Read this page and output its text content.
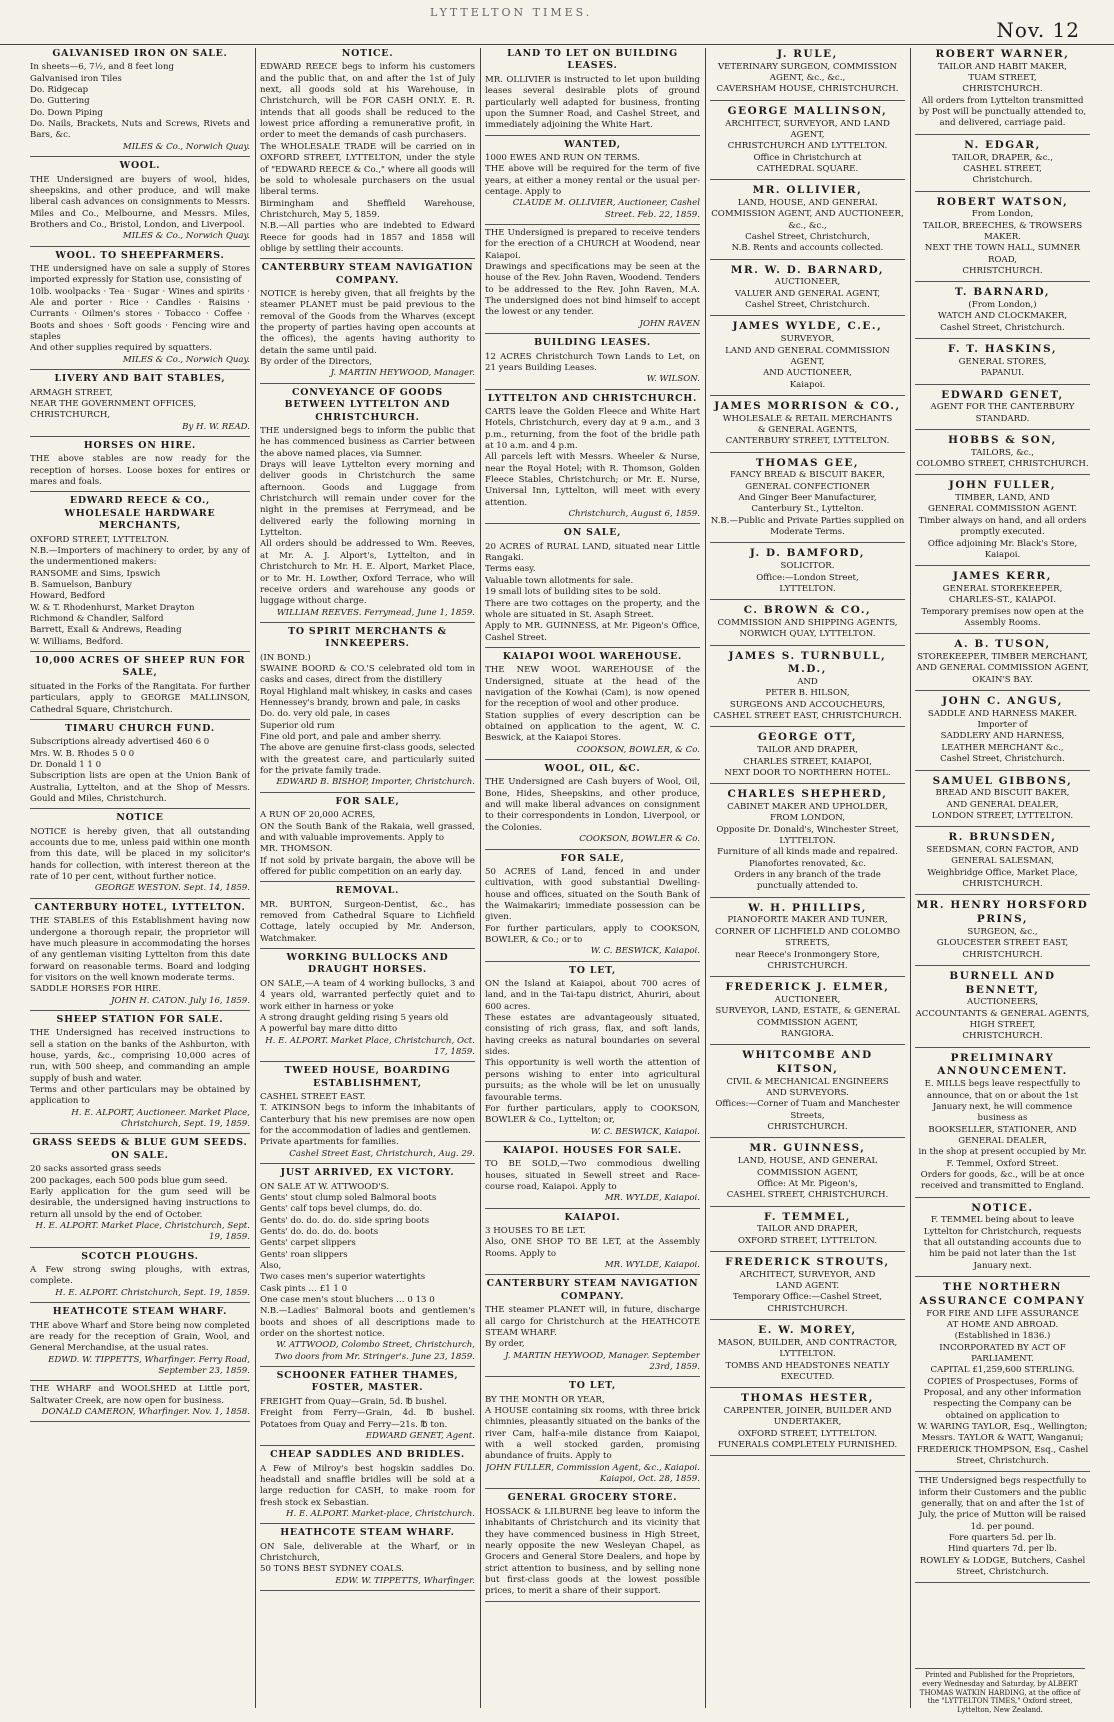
LYTTELTON TIMES.
Nov. 12
GALVANISED IRON ON SALE.

In sheets—6, 7½, and 8 feet long

Galvanised iron Tiles

Do. Ridgecap

Do. Guttering

Do. Down Piping

Do. Nails, Brackets, Nuts and Screws, Rivets and Bars, &c.

MILES & Co., Norwich Quay.

WOOL.

THE Undersigned are buyers of wool, hides, sheepskins, and other produce, and will make liberal cash advances on consignments to Messrs. Miles and Co., Melbourne, and Messrs. Miles, Brothers and Co., Bristol, London, and Liverpool.

MILES & Co., Norwich Quay.

WOOL. TO SHEEPFARMERS.

THE undersigned have on sale a supply of Stores imported expressly for Station use, consisting of

10lb. woolpacks · Tea · Sugar · Wines and spirits · Ale and porter · Rice · Candles · Raisins · Currants · Oilmen's stores · Tobacco · Coffee · Boots and shoes · Soft goods · Fencing wire and staples

And other supplies required by squatters.

MILES & Co., Norwich Quay.

LIVERY AND BAIT STABLES,

ARMAGH STREET,

NEAR THE GOVERNMENT OFFICES,

CHRISTCHURCH,

By H. W. READ.

HORSES ON HIRE.

THE above stables are now ready for the reception of horses. Loose boxes for entires or mares and foals.

EDWARD REECE & CO., WHOLESALE HARDWARE MERCHANTS,

OXFORD STREET, LYTTELTON.

N.B.—Importers of machinery to order, by any of the undermentioned makers:

RANSOME and Sims, Ipswich

B. Samuelson, Banbury

Howard, Bedford

W. & T. Rhodenhurst, Market Drayton

Richmond & Chandler, Salford

Barrett, Exall & Andrews, Reading

W. Williams, Bedford.

10,000 ACRES OF SHEEP RUN FOR SALE,

situated in the Forks of the Rangitata. For further particulars, apply to GEORGE MALLINSON, Cathedral Square, Christchurch.

TIMARU CHURCH FUND.

Subscriptions already advertised 460 6 0

Mrs. W. B. Rhodes 5 0 0

Dr. Donald 1 1 0

Subscription lists are open at the Union Bank of Australia, Lyttelton, and at the Shop of Messrs. Gould and Miles, Christchurch.

NOTICE

NOTICE is hereby given, that all outstanding accounts due to me, unless paid within one month from this date, will be placed in my solicitor's hands for collection, with interest thereon at the rate of 10 per cent, without further notice.

GEORGE WESTON. Sept. 14, 1859.

CANTERBURY HOTEL, LYTTELTON.

THE STABLES of this Establishment having now undergone a thorough repair, the proprietor will have much pleasure in accommodating the horses of any gentleman visiting Lyttelton from this date forward on reasonable terms. Board and lodging for visitors on the well known moderate terms.

SADDLE HORSES FOR HIRE.

JOHN H. CATON. July 16, 1859.

SHEEP STATION FOR SALE.

THE Undersigned has received instructions to sell a station on the banks of the Ashburton, with house, yards, &c., comprising 10,000 acres of run, with 500 sheep, and commanding an ample supply of bush and water.

Terms and other particulars may be obtained by application to

H. E. ALPORT, Auctioneer. Market Place, Christchurch, Sept. 19, 1859.

GRASS SEEDS & BLUE GUM SEEDS. ON SALE.

20 sacks assorted grass seeds

200 packages, each 500 pods blue gum seed.

Early application for the gum seed will be desirable, the undersigned having instructions to return all unsold by the end of October.

H. E. ALPORT. Market Place, Christchurch, Sept. 19, 1859.

SCOTCH PLOUGHS.

A Few strong swing ploughs, with extras, complete.

H. E. ALPORT. Christchurch, Sept. 19, 1859.

HEATHCOTE STEAM WHARF.

THE above Wharf and Store being now completed are ready for the reception of Grain, Wool, and General Merchandise, at the usual rates.

EDWD. W. TIPPETTS, Wharfinger. Ferry Road, September 23, 1859.

THE WHARF and WOOLSHED at Little port, Saltwater Creek, are now open for business.

DONALD CAMERON, Wharfinger. Nov. 1, 1858.

NOTICE.

EDWARD REECE begs to inform his customers and the public that, on and after the 1st of July next, all goods sold at his Warehouse, in Christchurch, will be FOR CASH ONLY. E. R. intends that all goods shall be reduced to the lowest price affording a remunerative profit, in order to meet the demands of cash purchasers.

The WHOLESALE TRADE will be carried on in OXFORD STREET, LYTTELTON, under the style of "EDWARD REECE & Co.," where all goods will be sold to wholesale purchasers on the usual liberal terms.

Birmingham and Sheffield Warehouse, Christchurch, May 5, 1859.

N.B.—All parties who are indebted to Edward Reece for goods had in 1857 and 1858 will oblige by settling their accounts.

CANTERBURY STEAM NAVIGATION COMPANY.

NOTICE is hereby given, that all freights by the steamer PLANET must be paid previous to the removal of the Goods from the Wharves (except the property of parties having open accounts at the offices), the agents having authority to detain the same until paid.

By order of the Directors,

J. MARTIN HEYWOOD, Manager.

CONVEYANCE OF GOODS BETWEEN LYTTELTON AND CHRISTCHURCH.

THE undersigned begs to inform the public that he has commenced business as Carrier between the above named places, via Sumner.

Drays will leave Lyttelton every morning and deliver goods in Christchurch the same afternoon. Goods and Luggage from Christchurch will remain under cover for the night in the premises at Ferrymead, and be delivered early the following morning in Lyttelton.

All orders should be addressed to Wm. Reeves, at Mr. A. J. Alport's, Lyttelton, and in Christchurch to Mr. H. E. Alport, Market Place, or to Mr. H. Lowther, Oxford Terrace, who will receive orders and warehouse any goods or luggage without charge.

WILLIAM REEVES. Ferrymead, June 1, 1859.

TO SPIRIT MERCHANTS & INNKEEPERS.

(IN BOND.)

SWAINE BOORD & CO.'S celebrated old tom in casks and cases, direct from the distillery

Royal Highland malt whiskey, in casks and cases

Hennessey's brandy, brown and pale, in casks

Do. do. very old pale, in cases

Superior old rum

Fine old port, and pale and amber sherry.

The above are genuine first-class goods, selected with the greatest care, and particularly suited for the private family trade.

EDWARD B. BISHOP, Importer, Christchurch.

FOR SALE,

A RUN OF 20,000 ACRES,

ON the South Bank of the Rakaia, well grassed, and with valuable improvements. Apply to

MR. THOMSON.

If not sold by private bargain, the above will be offered for public competition on an early day.

REMOVAL.

MR. BURTON, Surgeon-Dentist, &c., has removed from Cathedral Square to Lichfield Cottage, lately occupied by Mr. Anderson, Watchmaker.

WORKING BULLOCKS AND DRAUGHT HORSES.

ON SALE,—A team of 4 working bullocks, 3 and 4 years old, warranted perfectly quiet and to work either in harness or yoke

A strong draught gelding rising 5 years old

A powerful bay mare ditto ditto

H. E. ALPORT. Market Place, Christchurch, Oct. 17, 1859.

TWEED HOUSE, BOARDING ESTABLISHMENT,

CASHEL STREET EAST.

T. ATKINSON begs to inform the inhabitants of Canterbury that his new premises are now open for the accommodation of ladies and gentlemen.

Private apartments for families.

Cashel Street East, Christchurch, Aug. 29.

JUST ARRIVED, EX VICTORY.

ON SALE AT W. ATTWOOD'S.

Gents' stout clump soled Balmoral boots

Gents' calf tops bevel clumps, do. do.

Gents' do. do. do. do. side spring boots

Gents' do. do. do. do. boots

Gents' carpet slippers

Gents' roan slippers

Also,

Two cases men's superior watertights

Cask pints … £1 1 0

One case men's stout bluchers … 0 13 0

N.B.—Ladies' Balmoral boots and gentlemen's boots and shoes of all descriptions made to order on the shortest notice.

W. ATTWOOD, Colombo Street, Christchurch, Two doors from Mr. Stringer's. June 23, 1859.

SCHOONER FATHER THAMES, FOSTER, MASTER.

FREIGHT from Quay—Grain, 5d. ℔ bushel.

Freight from Ferry—Grain, 4d. ℔ bushel. Potatoes from Quay and Ferry—21s. ℔ ton.

EDWARD GENET, Agent.

CHEAP SADDLES AND BRIDLES.

A Few of Milroy's best hogskin saddles Do. headstall and snaffle bridles will be sold at a large reduction for CASH, to make room for fresh stock ex Sebastian.

H. E. ALPORT. Market-place, Christchurch.

HEATHCOTE STEAM WHARF.

ON Sale, deliverable at the Wharf, or in Christchurch,

50 TONS BEST SYDNEY COALS.

EDW. W. TIPPETTS, Wharfinger.

LAND TO LET ON BUILDING LEASES.

MR. OLLIVIER is instructed to let upon building leases several desirable plots of ground particularly well adapted for business, fronting upon the Sumner Road, and Cashel Street, and immediately adjoining the White Hart.

WANTED,

1000 EWES AND RUN ON TERMS.

THE above will be required for the term of five years, at either a money rental or the usual per-centage. Apply to

CLAUDE M. OLLIVIER, Auctioneer, Cashel Street. Feb. 22, 1859.

THE Undersigned is prepared to receive tenders for the erection of a CHURCH at Woodend, near Kaiapoi.

Drawings and specifications may be seen at the house of the Rev. John Raven, Woodend. Tenders to be addressed to the Rev. John Raven, M.A. The undersigned does not bind himself to accept the lowest or any tender.

JOHN RAVEN

BUILDING LEASES.

12 ACRES Christchurch Town Lands to Let, on 21 years Building Leases.

W. WILSON.

LYTTELTON AND CHRISTCHURCH.

CARTS leave the Golden Fleece and White Hart Hotels, Christchurch, every day at 9 a.m., and 3 p.m., returning, from the foot of the bridle path at 10 a.m. and 4 p.m.

All parcels left with Messrs. Wheeler & Nurse, near the Royal Hotel; with R. Thomson, Golden Fleece Stables, Christchurch; or Mr. E. Nurse, Universal Inn, Lyttelton, will meet with every attention.

Christchurch, August 6, 1859.

ON SALE,

20 ACRES of RURAL LAND, situated near Little Rangaki.

Terms easy.

Valuable town allotments for sale.

19 small lots of building sites to be sold.

There are two cottages on the property, and the whole are situated in St. Asaph Street.

Apply to MR. GUINNESS, at Mr. Pigeon's Office, Cashel Street.

KAIAPOI WOOL WAREHOUSE.

THE NEW WOOL WAREHOUSE of the Undersigned, situate at the head of the navigation of the Kowhai (Cam), is now opened for the reception of wool and other produce.

Station supplies of every description can be obtained on application to the agent, W. C. Beswick, at the Kaiapoi Stores.

COOKSON, BOWLER, & Co.

WOOL, OIL, &C.

THE Undersigned are Cash buyers of Wool, Oil, Bone, Hides, Sheepskins, and other produce, and will make liberal advances on consignment to their correspondents in London, Liverpool, or the Colonies.

COOKSON, BOWLER & Co.

FOR SALE,

50 ACRES of Land, fenced in and under cultivation, with good substantial Dwelling-house and offices, situated on the South Bank of the Waimakariri; immediate possession can be given.

For further particulars, apply to COOKSON, BOWLER, & Co.; or to

W. C. BESWICK, Kaiapoi.

TO LET,

ON the Island at Kaiapoi, about 700 acres of land, and in the Tai-tapu district, Ahuriri, about 600 acres.

These estates are advantageously situated, consisting of rich grass, flax, and soft lands, having creeks as natural boundaries on several sides.

This opportunity is well worth the attention of persons wishing to enter into agricultural pursuits; as the whole will be let on unusually favourable terms.

For further particulars, apply to COOKSON, BOWLER & Co., Lyttelton; or,

W. C. BESWICK, Kaiapoi.

KAIAPOI. HOUSES FOR SALE.

TO BE SOLD,—Two commodious dwelling houses, situated in Sewell street and Race-course road, Kaiapoi. Apply to

MR. WYLDE, Kaiapoi.

KAIAPOI.

3 HOUSES TO BE LET.

Also, ONE SHOP TO BE LET, at the Assembly Rooms. Apply to

MR. WYLDE, Kaiapoi.

CANTERBURY STEAM NAVIGATION COMPANY.

THE steamer PLANET will, in future, discharge all cargo for Christchurch at the HEATHCOTE STEAM WHARF.

By order,

J. MARTIN HEYWOOD, Manager. September 23rd, 1859.

TO LET,

BY THE MONTH OR YEAR,

A HOUSE containing six rooms, with three brick chimnies, pleasantly situated on the banks of the river Cam, half-a-mile distance from Kaiapoi, with a well stocked garden, promising abundance of fruits. Apply to

JOHN FULLER, Commission Agent, &c., Kaiapoi. Kaiapoi, Oct. 28, 1859.

GENERAL GROCERY STORE.

HOSSACK & LILBURNE beg leave to inform the inhabitants of Christchurch and its vicinity that they have commenced business in High Street, nearly opposite the new Wesleyan Chapel, as Grocers and General Store Dealers, and hope by strict attention to business, and by selling none but first-class goods at the lowest possible prices, to merit a share of their support.

J. RULE,

VETERINARY SURGEON, COMMISSION AGENT, &c., &c.,

CAVERSHAM HOUSE, CHRISTCHURCH.

GEORGE MALLINSON,

ARCHITECT, SURVEYOR, AND LAND AGENT,

CHRISTCHURCH AND LYTTELTON.

Office in Christchurch at

CATHEDRAL SQUARE.

MR. OLLIVIER,

LAND, HOUSE, AND GENERAL

COMMISSION AGENT, AND AUCTIONEER, &c., &c.,

Cashel Street, Christchurch,

N.B. Rents and accounts collected.

MR. W. D. BARNARD,

AUCTIONEER,

VALUER AND GENERAL AGENT,

Cashel Street, Christchurch.

JAMES WYLDE, C.E.,

SURVEYOR,

LAND AND GENERAL COMMISSION AGENT,

AND AUCTIONEER,

Kaiapoi.

JAMES MORRISON & CO.,

WHOLESALE & RETAIL MERCHANTS

& GENERAL AGENTS,

CANTERBURY STREET, LYTTELTON.

THOMAS GEE,

FANCY BREAD & BISCUIT BAKER,

GENERAL CONFECTIONER

And Ginger Beer Manufacturer,

Canterbury St., Lyttelton.

N.B.—Public and Private Parties supplied on Moderate Terms.

J. D. BAMFORD,

SOLICITOR.

Office:—London Street,

LYTTELTON.

C. BROWN & CO.,

COMMISSION AND SHIPPING AGENTS,

NORWICH QUAY, LYTTELTON.

JAMES S. TURNBULL, M.D.,

AND

PETER B. HILSON,

SURGEONS AND ACCOUCHEURS,

CASHEL STREET EAST, CHRISTCHURCH.

GEORGE OTT,

TAILOR AND DRAPER,

CHARLES STREET, KAIAPOI,

NEXT DOOR TO NORTHERN HOTEL.

CHARLES SHEPHERD,

CABINET MAKER AND UPHOLDER,

FROM LONDON,

Opposite Dr. Donald's, Winchester Street,

LYTTELTON.

Furniture of all kinds made and repaired.

Pianofortes renovated, &c.

Orders in any branch of the trade punctually attended to.

W. H. PHILLIPS,

PIANOFORTE MAKER AND TUNER,

CORNER OF LICHFIELD AND COLOMBO STREETS,

near Reece's Ironmongery Store,

CHRISTCHURCH.

FREDERICK J. ELMER,

AUCTIONEER,

SURVEYOR, LAND, ESTATE, & GENERAL

COMMISSION AGENT,

RANGIORA.

WHITCOMBE AND KITSON,

CIVIL & MECHANICAL ENGINEERS

AND SURVEYORS.

Offices:—Corner of Tuam and Manchester Streets,

CHRISTCHURCH.

MR. GUINNESS,

LAND, HOUSE, AND GENERAL

COMMISSION AGENT,

Office: At Mr. Pigeon's,

CASHEL STREET, CHRISTCHURCH.

F. TEMMEL,

TAILOR AND DRAPER,

OXFORD STREET, LYTTELTON.

FREDERICK STROUTS,

ARCHITECT, SURVEYOR, AND

LAND AGENT.

Temporary Office:—Cashel Street,

CHRISTCHURCH.

E. W. MOREY,

MASON, BUILDER, AND CONTRACTOR,

LYTTELTON.

TOMBS AND HEADSTONES NEATLY EXECUTED.

THOMAS HESTER,

CARPENTER, JOINER, BUILDER AND

UNDERTAKER,

OXFORD STREET, LYTTELTON.

FUNERALS COMPLETELY FURNISHED.

ROBERT WARNER,

TAILOR AND HABIT MAKER,

TUAM STREET,

CHRISTCHURCH.

All orders from Lyttelton transmitted by Post will be punctually attended to, and delivered, carriage paid.

N. EDGAR,

TAILOR, DRAPER, &c.,

CASHEL STREET,

Christchurch.

ROBERT WATSON,

From London,

TAILOR, BREECHES, & TROWSERS

MAKER.

NEXT THE TOWN HALL, SUMNER ROAD,

CHRISTCHURCH.

T. BARNARD,

(From London,)

WATCH AND CLOCKMAKER,

Cashel Street, Christchurch.

F. T. HASKINS,

GENERAL STORES,

PAPANUI.

EDWARD GENET,

AGENT FOR THE CANTERBURY

STANDARD.

HOBBS & SON,

TAILORS, &c.,

COLOMBO STREET, CHRISTCHURCH.

JOHN FULLER,

TIMBER, LAND, AND

GENERAL COMMISSION AGENT.

Timber always on hand, and all orders promptly executed.

Office adjoining Mr. Black's Store, Kaiapoi.

JAMES KERR,

GENERAL STOREKEEPER,

CHARLES-ST., KAIAPOI.

Temporary premises now open at the Assembly Rooms.

A. B. TUSON,

STOREKEEPER, TIMBER MERCHANT,

AND GENERAL COMMISSION AGENT,

OKAIN'S BAY.

JOHN C. ANGUS,

SADDLE AND HARNESS MAKER.

Importer of

SADDLERY AND HARNESS,

LEATHER MERCHANT &c.,

Cashel Street, Christchurch.

SAMUEL GIBBONS,

BREAD AND BISCUIT BAKER,

AND GENERAL DEALER,

LONDON STREET, LYTTELTON.

R. BRUNSDEN,

SEEDSMAN, CORN FACTOR, AND

GENERAL SALESMAN,

Weighbridge Office, Market Place,

CHRISTCHURCH.

MR. HENRY HORSFORD PRINS,

SURGEON, &c.,

GLOUCESTER STREET EAST,

CHRISTCHURCH.

BURNELL AND BENNETT,

AUCTIONEERS,

ACCOUNTANTS & GENERAL AGENTS,

HIGH STREET,

CHRISTCHURCH.

PRELIMINARY ANNOUNCEMENT.

E. MILLS begs leave respectfully to announce, that on or about the 1st January next, he will commence business as

BOOKSELLER, STATIONER, AND GENERAL DEALER,

in the shop at present occupied by Mr. F. Temmel, Oxford Street.

Orders for goods, &c., will be at once received and transmitted to England.

NOTICE.

F. TEMMEL being about to leave Lyttelton for Christchurch, requests that all outstanding accounts due to him be paid not later than the 1st January next.

THE NORTHERN ASSURANCE COMPANY

FOR FIRE AND LIFE ASSURANCE

AT HOME AND ABROAD.

(Established in 1836.)

INCORPORATED BY ACT OF PARLIAMENT.

CAPITAL £1,259,600 STERLING.

COPIES of Prospectuses, Forms of Proposal, and any other information respecting the Company can be obtained on application to

W. WARING TAYLOR, Esq., Wellington;

Messrs. TAYLOR & WATT, Wanganui;

FREDERICK THOMPSON, Esq., Cashel Street, Christchurch.

THE Undersigned begs respectfully to inform their Customers and the public generally, that on and after the 1st of July, the price of Mutton will be raised 1d. per pound.

Fore quarters 5d. per lb.

Hind quarters 7d. per lb.

ROWLEY & LODGE, Butchers, Cashel Street, Christchurch.

Printed and Published for the Proprietors, every Wednesday and Saturday, by ALBERT THOMAS WATKIN HARDING, at the office of the "LYTTELTON TIMES," Oxford street, Lyttelton, New Zealand.
